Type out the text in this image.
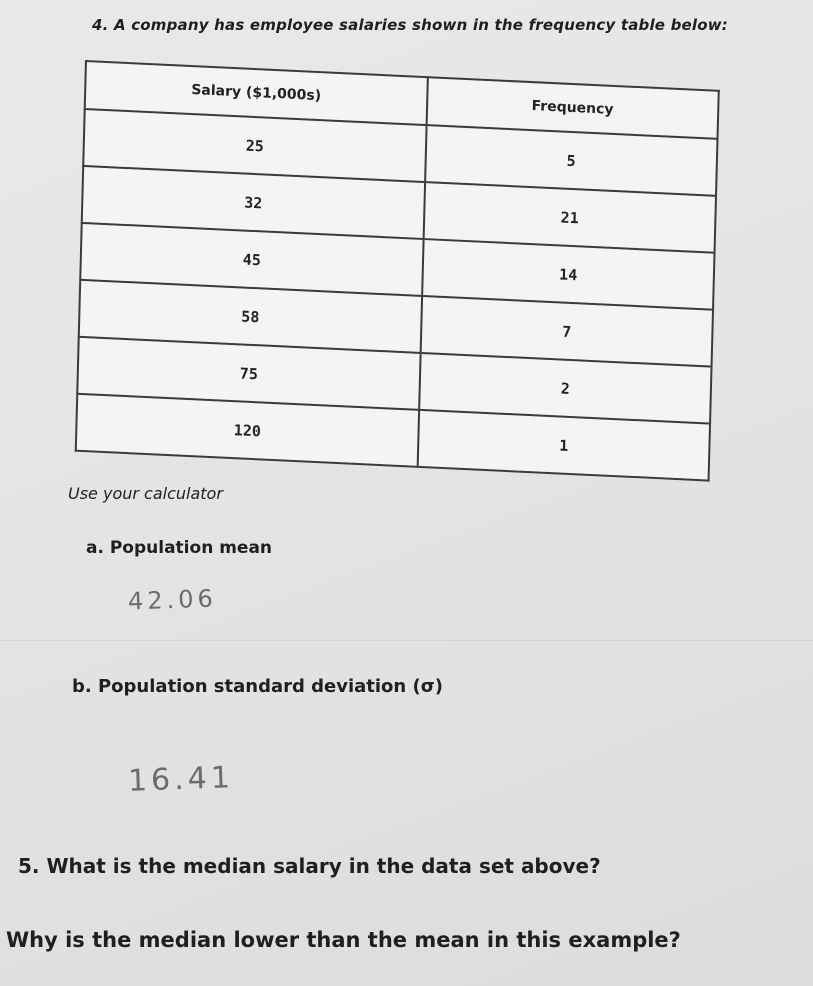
4. A company has employee salaries shown in the frequency table below:
Salary ($1,000s)	Frequency
25	5
32	21
45	14
58	7
75	2
120	1
Use your calculator
a. Population mean
42.06
b. Population standard deviation (σ)
16.41
5. What is the median salary in the data set above?
Why is the median lower than the mean in this example?
